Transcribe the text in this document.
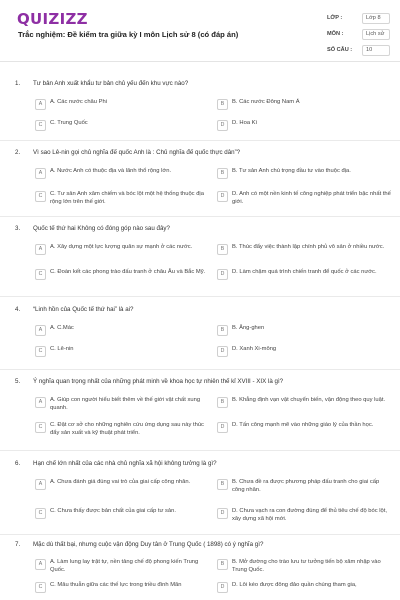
QUIZIZZ
Trắc nghiệm: Đề kiểm tra giữa kỳ I môn Lịch sử 8 (có đáp án)
LỚP :	Lớp 8
MÔN :	Lịch sử
SỐ CÂU :	10
1. Tư bản Anh xuất khẩu tư bản chủ yếu đến khu vực nào?
A	A. Các nước châu Phi	B	B. Các nước Đông Nam Á
C	C. Trung Quốc	D	D. Hoa Kì
2. Vì sao Lê-nin gọi chủ nghĩa đế quốc Anh là : Chủ nghĩa đế quốc thực dân”?
A	A. Nước Anh có thuộc địa và lãnh thổ rộng lớn.	B	B. Tư sản Anh chú trọng đầu tư vào thuộc địa.
C	C. Tư sản Anh xâm chiếm và bóc lột một hệ thống thuộc địa rộng lớn trên thế giới.
D	D. Anh có một nền kinh tế công nghiệp phát triển bậc nhất thế giới.
3. Quốc tế thứ hai Không có đóng góp nào sau đây?
A	A. Xây dựng một lực lượng quân sự mạnh ở các nước.	B	B. Thúc đẩy việc thành lập chính phủ vô sản ở nhiều nước.
C	C. Đoàn kết các phong trào đấu tranh ở châu Âu và Bắc Mỹ.	D	D. Làm chậm quá trình chiến tranh để quốc ở các nước.
4. “Linh hồn của Quốc tế thứ hai” là ai?
A	A. C.Mác	B	B. Ăng-ghen
C	C. Lê-nin	D	D. Xanh Xi-mông
5. Ý nghĩa quan trọng nhất của những phát minh về khoa học tự nhiên thế kỉ XVIII - XIX là gì?
A	A. Giúp con người hiểu biết thêm về thế giới vật chất xung quanh.
B	B. Khẳng định vạn vật chuyển biến, vận động theo quy luật.
C	C. Đặt cơ sở cho những nghiên cứu ứng dụng sau này thúc đẩy sản xuất và kỹ thuật phát triển.
D	D. Tấn công mạnh mẽ vào những giáo lý của thần học.
6. Hạn chế lớn nhất của các nhà chủ nghĩa xã hội không tưởng là gì?
A	A. Chưa đánh giá đúng vai trò của giai cấp công nhân.	B	B. Chưa đề ra được phương pháp đấu tranh cho giai cấp công nhân.
C	C. Chưa thấy được bản chất của giai cấp tư sản.	D	D. Chưa vạch ra con đường đúng để thủ tiêu chế độ bóc lột, xây dựng xã hội mới.
7. Mặc dù thất bại, nhưng cuộc vận động Duy tân ở Trung Quốc ( 1898) có ý nghĩa gì?
A	A. Làm lung lay trật tự, nền tảng chế độ phong kiến Trung Quốc.
B	B. Mở đường cho trào lưu tư tưởng tiến bộ xâm nhập vào Trung Quốc.
C	C. Mâu thuẫn giữa các thế lực trong triều đình Mãn	D	D. Lôi kéo được đông đảo quần chúng tham gia,
